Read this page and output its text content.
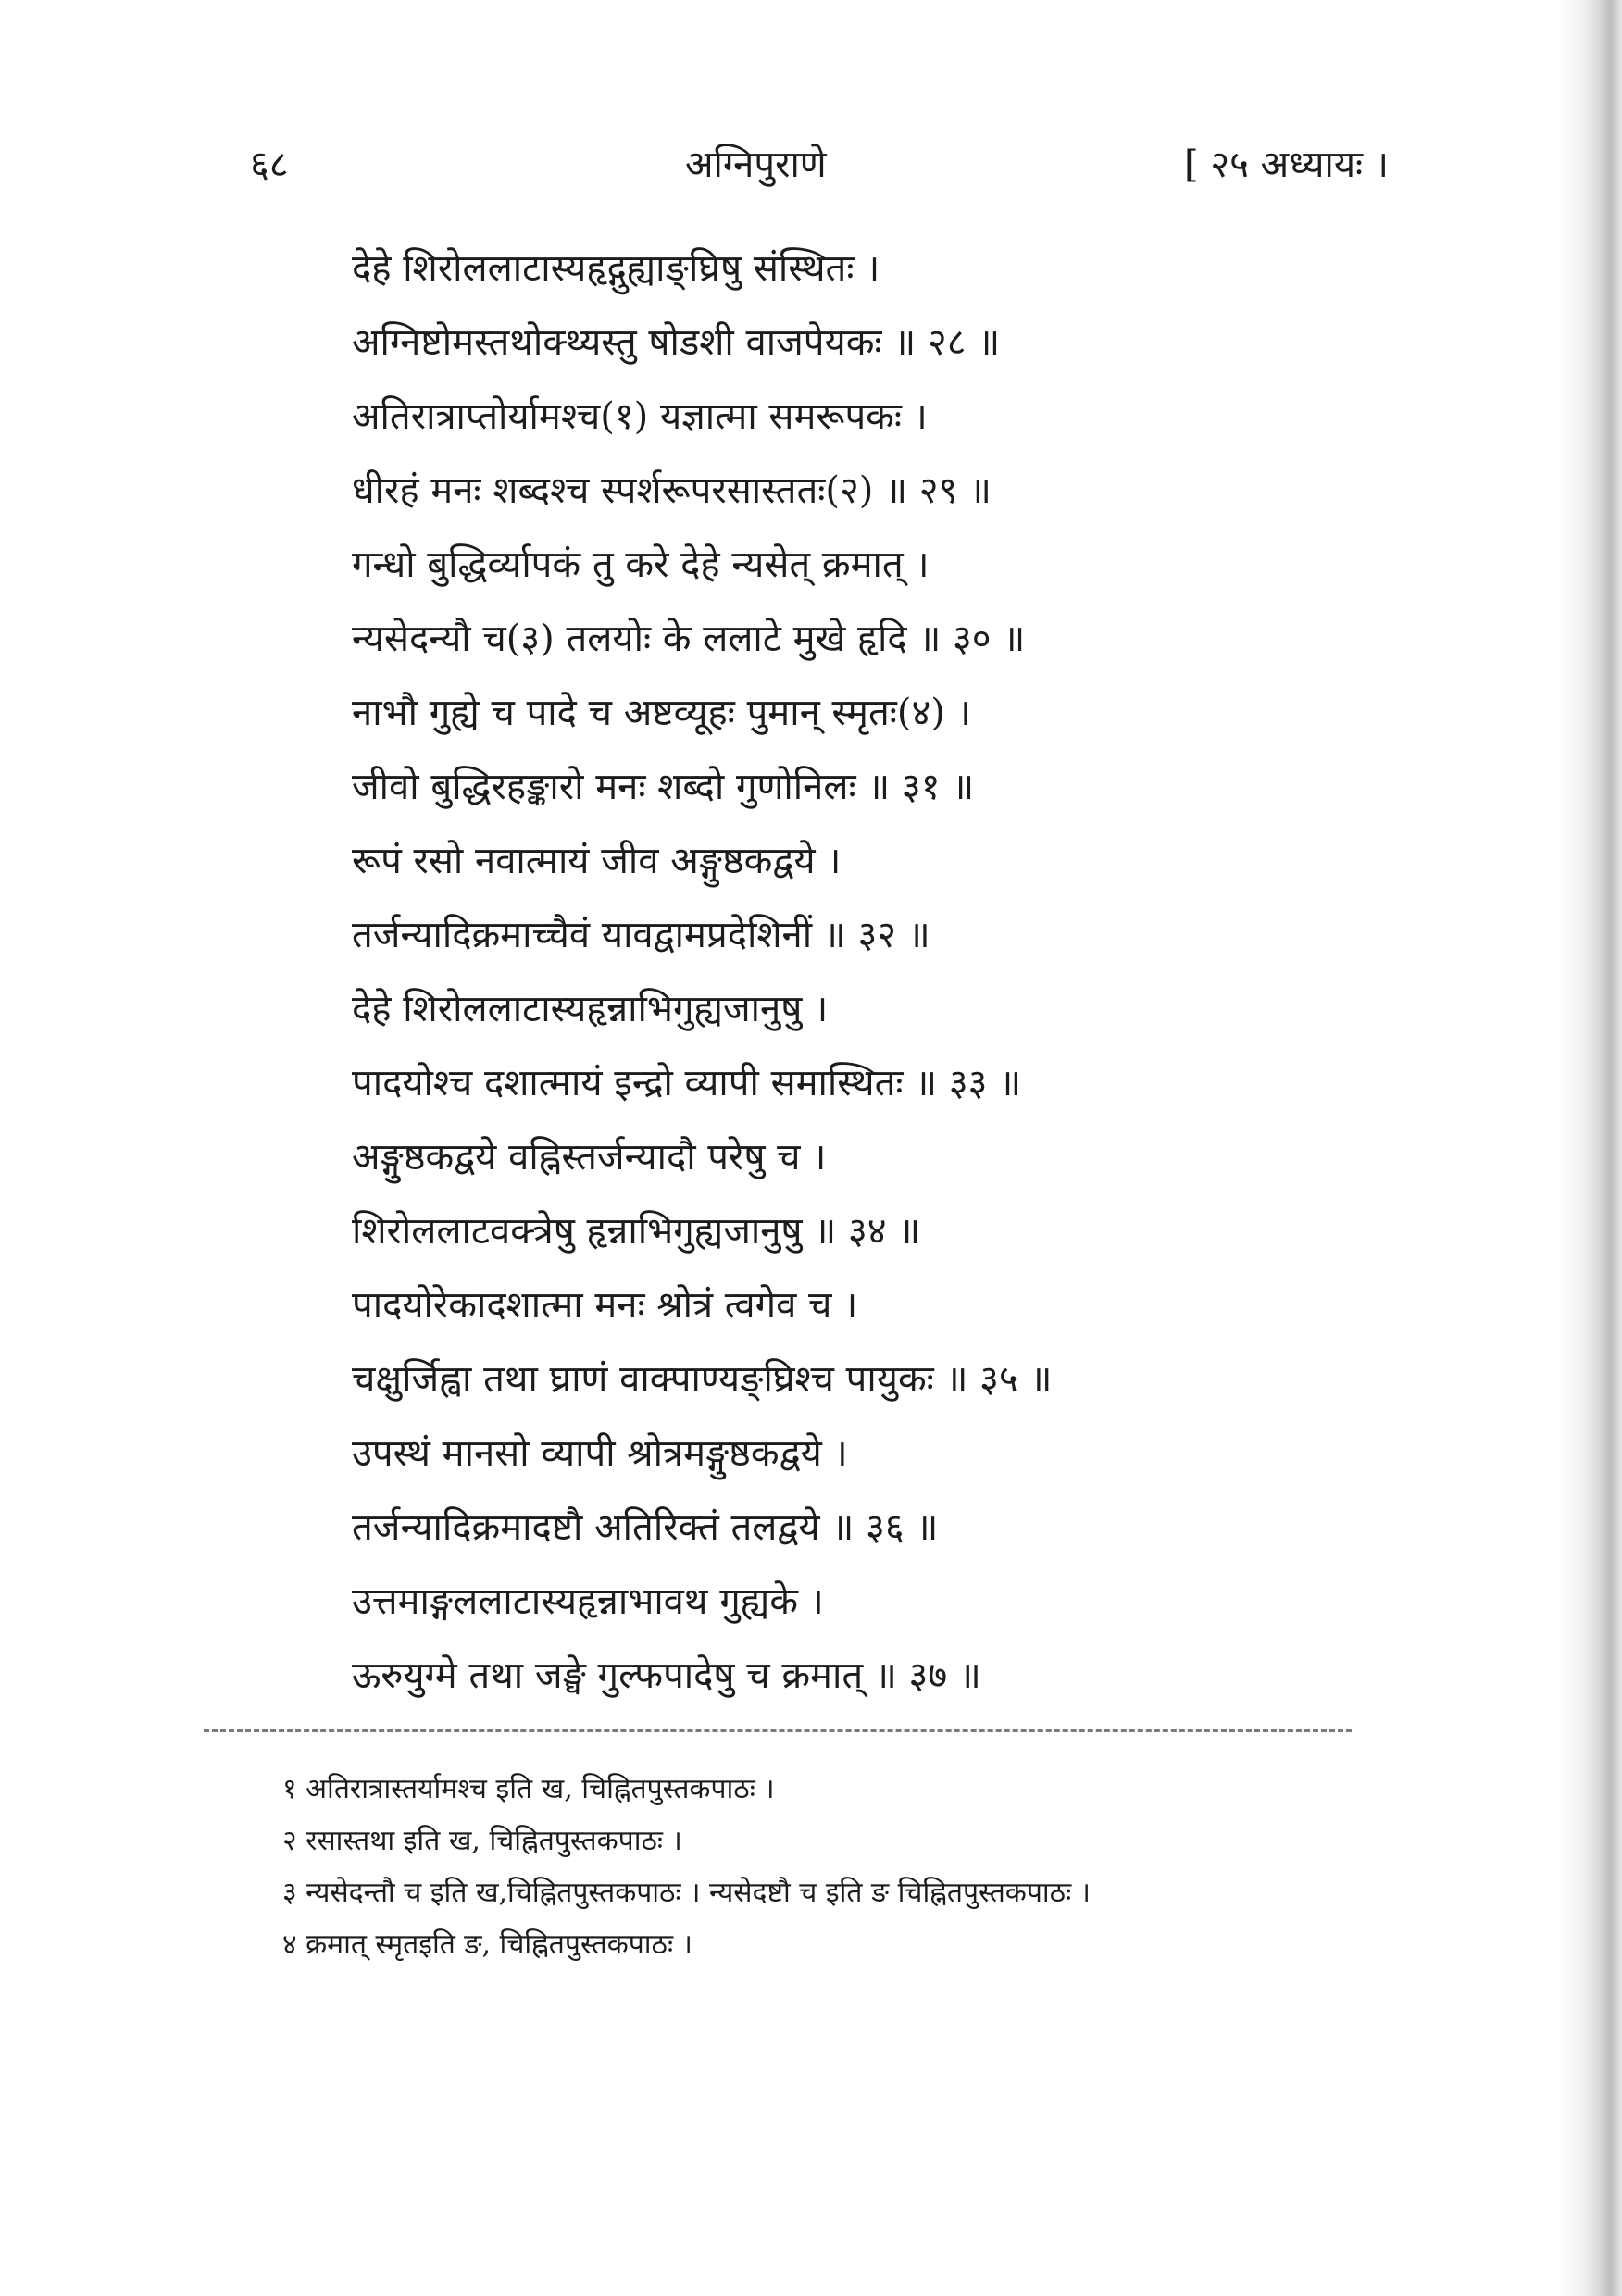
६८	अग्निपुराणे	[ २५ अध्यायः ।
देहे शिरोललाटास्यहृद्गुह्याङ्घ्रिषु संस्थितः ।
अग्निष्टोमस्तथोक्थ्यस्तु षोडशी वाजपेयकः ॥ २८ ॥
अतिरात्राप्तोर्यामश्च(१) यज्ञात्मा समरूपकः ।
धीरहं मनः शब्दश्च स्पर्शरूपरसास्ततः(२) ॥ २९ ॥
गन्धो बुद्धिर्व्यापकं तु करे देहे न्यसेत् क्रमात् ।
न्यसेदन्यौ च(३) तलयोः के ललाटे मुखे हृदि ॥ ३० ॥
नाभौ गुह्ये च पादे च अष्टव्यूहः पुमान् स्मृतः(४) ।
जीवो बुद्धिरहङ्कारो मनः शब्दो गुणोनिलः ॥ ३१ ॥
रूपं रसो नवात्मायं जीव अङ्गुष्ठकद्वये ।
तर्जन्यादिक्रमाच्चैवं यावद्वामप्रदेशिनीं ॥ ३२ ॥
देहे शिरोललाटास्यहृन्नाभिगुह्यजानुषु ।
पादयोश्च दशात्मायं इन्द्रो व्यापी समास्थितः ॥ ३३ ॥
अङ्गुष्ठकद्वये वह्निस्तर्जन्यादौ परेषु च ।
शिरोललाटवक्त्रेषु हृन्नाभिगुह्यजानुषु ॥ ३४ ॥
पादयोरेकादशात्मा मनः श्रोत्रं त्वगेव च ।
चक्षुर्जिह्वा तथा घ्राणं वाक्पाण्यङ्घ्रिश्च पायुकः ॥ ३५ ॥
उपस्थं मानसो व्यापी श्रोत्रमङ्गुष्ठकद्वये ।
तर्जन्यादिक्रमादष्टौ अतिरिक्तं तलद्वये ॥ ३६ ॥
उत्तमाङ्गललाटास्यहृन्नाभावथ गुह्यके ।
ऊरुयुग्मे तथा जङ्घे गुल्फपादेषु च क्रमात् ॥ ३७ ॥
१ अतिरात्रास्तर्यामश्च इति ख, चिह्नितपुस्तकपाठः ।
२ रसास्तथा इति ख, चिह्नितपुस्तकपाठः ।
३ न्यसेदन्तौ च इति ख,चिह्नितपुस्तकपाठः । न्यसेदष्टौ च इति ङ चिह्नितपुस्तकपाठः ।
४ क्रमात् स्मृतइति ङ, चिह्नितपुस्तकपाठः ।
